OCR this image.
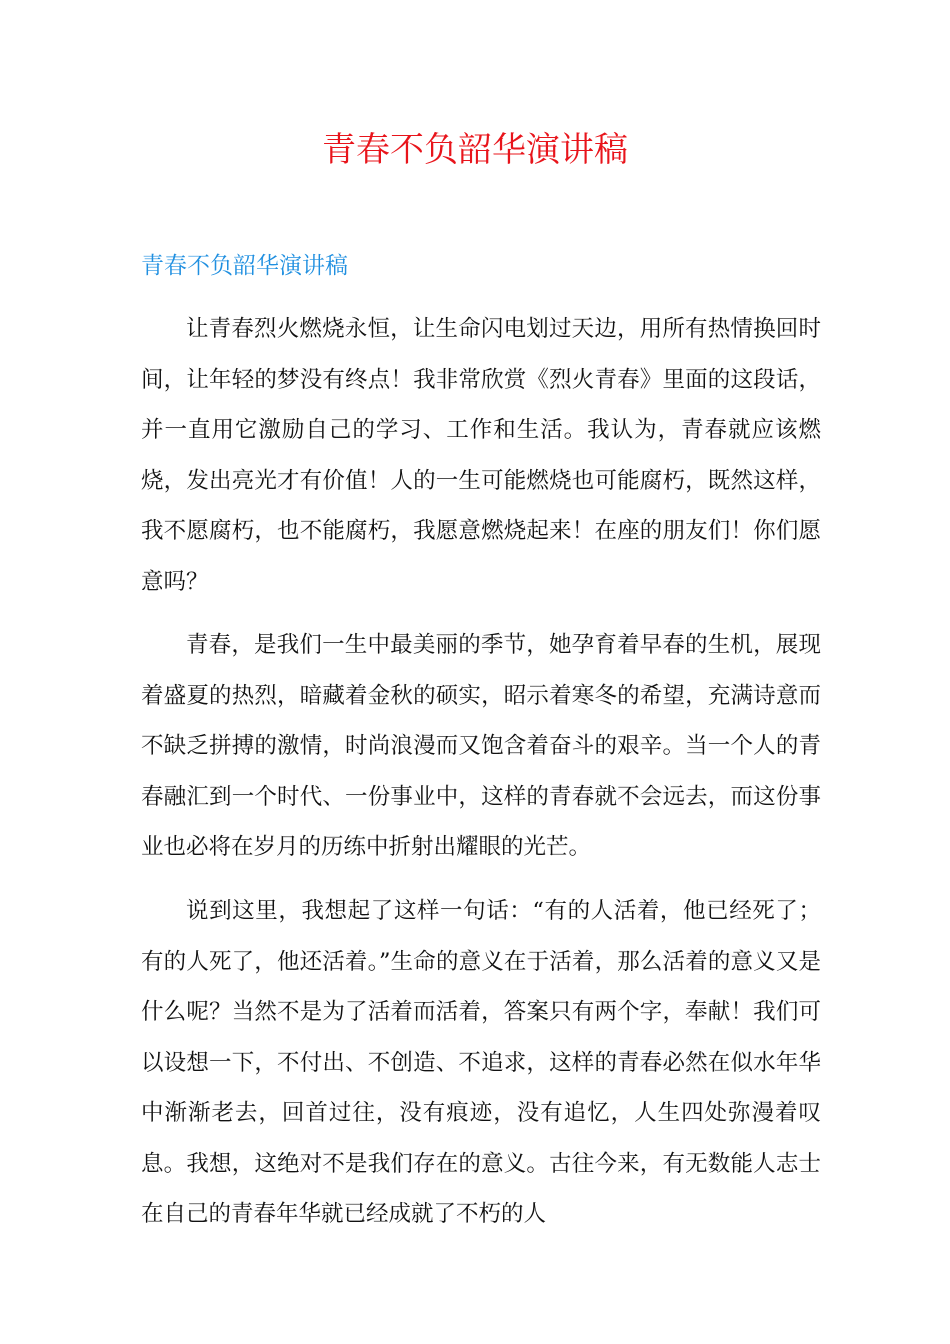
青春不负韶华演讲稿
青春不负韶华演讲稿

让青春烈火燃烧永恒，让生命闪电划过天边，用所有热情换回时间，让年轻的梦没有终点！我非常欣赏《烈火青春》里面的这段话，并一直用它激励自己的学习、工作和生活。我认为，青春就应该燃烧，发出亮光才有价值！人的一生可能燃烧也可能腐朽，既然这样，我不愿腐朽，也不能腐朽，我愿意燃烧起来！在座的朋友们！你们愿意吗？

青春，是我们一生中最美丽的季节，她孕育着早春的生机，展现着盛夏的热烈，暗藏着金秋的硕实，昭示着寒冬的希望，充满诗意而不缺乏拼搏的激情，时尚浪漫而又饱含着奋斗的艰辛。当一个人的青春融汇到一个时代、一份事业中，这样的青春就不会远去，而这份事业也必将在岁月的历练中折射出耀眼的光芒。

说到这里，我想起了这样一句话：“有的人活着，他已经死了；有的人死了，他还活着。”生命的意义在于活着，那么活着的意义又是什么呢？当然不是为了活着而活着，答案只有两个字，奉献！我们可以设想一下，不付出、不创造、不追求，这样的青春必然在似水年华中渐渐老去，回首过往，没有痕迹，没有追忆，人生四处弥漫着叹息。我想，这绝对不是我们存在的意义。古往今来，有无数能人志士在自己的青春年华就已经成就了不朽的人
